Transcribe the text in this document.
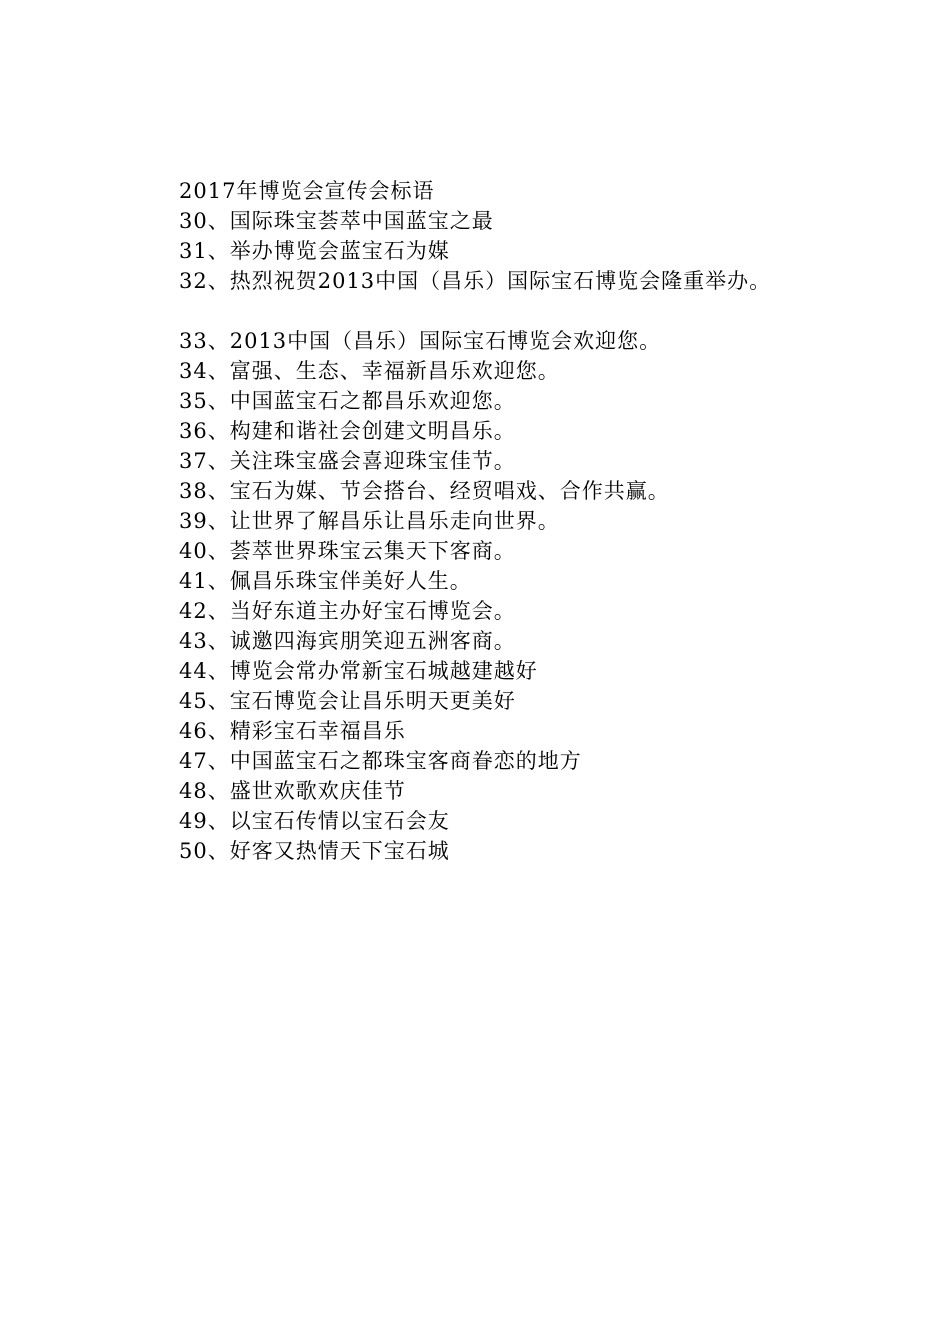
2017年博览会宣传会标语
30、国际珠宝荟萃中国蓝宝之最
31、举办博览会蓝宝石为媒
32、热烈祝贺2013中国（昌乐）国际宝石博览会隆重举办。
33、2013中国（昌乐）国际宝石博览会欢迎您。
34、富强、生态、幸福新昌乐欢迎您。
35、中国蓝宝石之都昌乐欢迎您。
36、构建和谐社会创建文明昌乐。
37、关注珠宝盛会喜迎珠宝佳节。
38、宝石为媒、节会搭台、经贸唱戏、合作共赢。
39、让世界了解昌乐让昌乐走向世界。
40、荟萃世界珠宝云集天下客商。
41、佩昌乐珠宝伴美好人生。
42、当好东道主办好宝石博览会。
43、诚邀四海宾朋笑迎五洲客商。
44、博览会常办常新宝石城越建越好
45、宝石博览会让昌乐明天更美好
46、精彩宝石幸福昌乐
47、中国蓝宝石之都珠宝客商眷恋的地方
48、盛世欢歌欢庆佳节
49、以宝石传情以宝石会友
50、好客又热情天下宝石城
